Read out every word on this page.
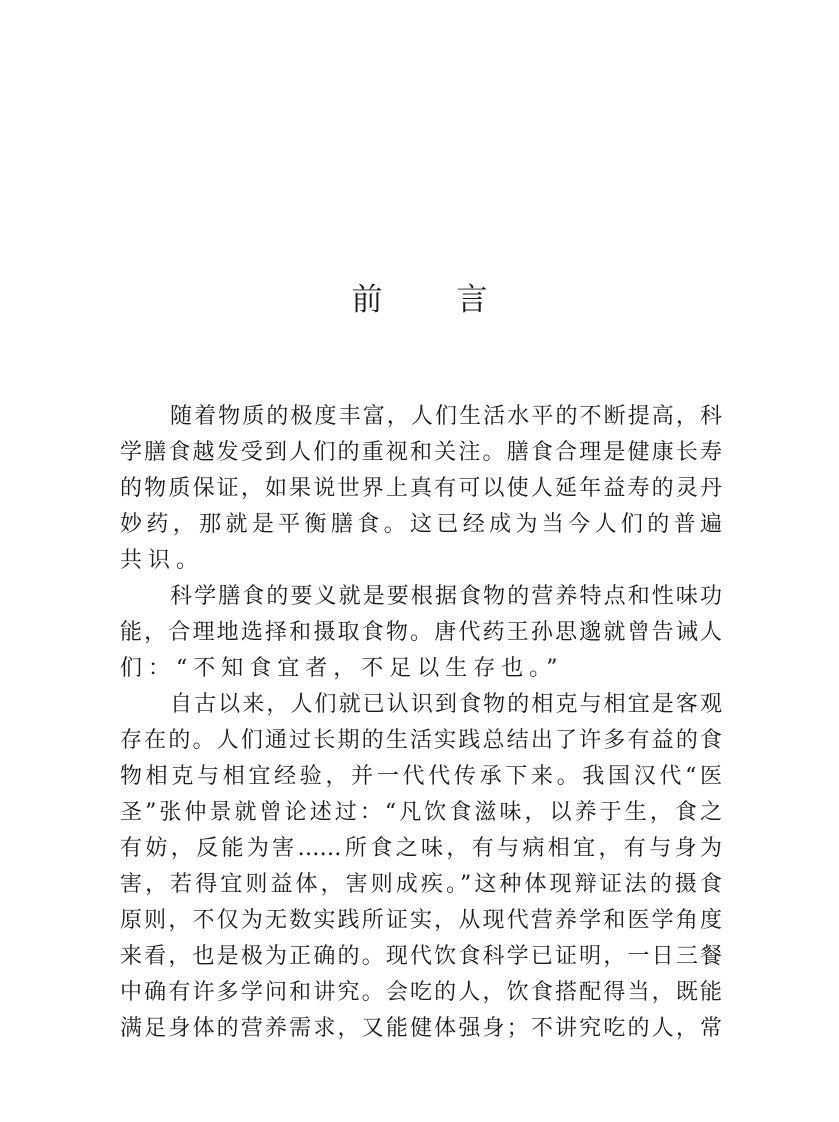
前 言
随着物质的极度丰富，人们生活水平的不断提高，科
学膳食越发受到人们的重视和关注。膳食合理是健康长寿
的物质保证，如果说世界上真有可以使人延年益寿的灵丹
妙药，那就是平衡膳食。这已经成为当今人们的普遍
共识。
科学膳食的要义就是要根据食物的营养特点和性味功
能，合理地选择和摄取食物。唐代药王孙思邈就曾告诫人
们：“不知食宜者，不足以生存也。”
自古以来，人们就已认识到食物的相克与相宜是客观
存在的。人们通过长期的生活实践总结出了许多有益的食
物相克与相宜经验，并一代代传承下来。我国汉代“医
圣”张仲景就曾论述过：“凡饮食滋味，以养于生，食之
有妨，反能为害……所食之味，有与病相宜，有与身为
害，若得宜则益体，害则成疾。”这种体现辩证法的摄食
原则，不仅为无数实践所证实，从现代营养学和医学角度
来看，也是极为正确的。现代饮食科学已证明，一日三餐
中确有许多学问和讲究。会吃的人，饮食搭配得当，既能
满足身体的营养需求，又能健体强身；不讲究吃的人，常
